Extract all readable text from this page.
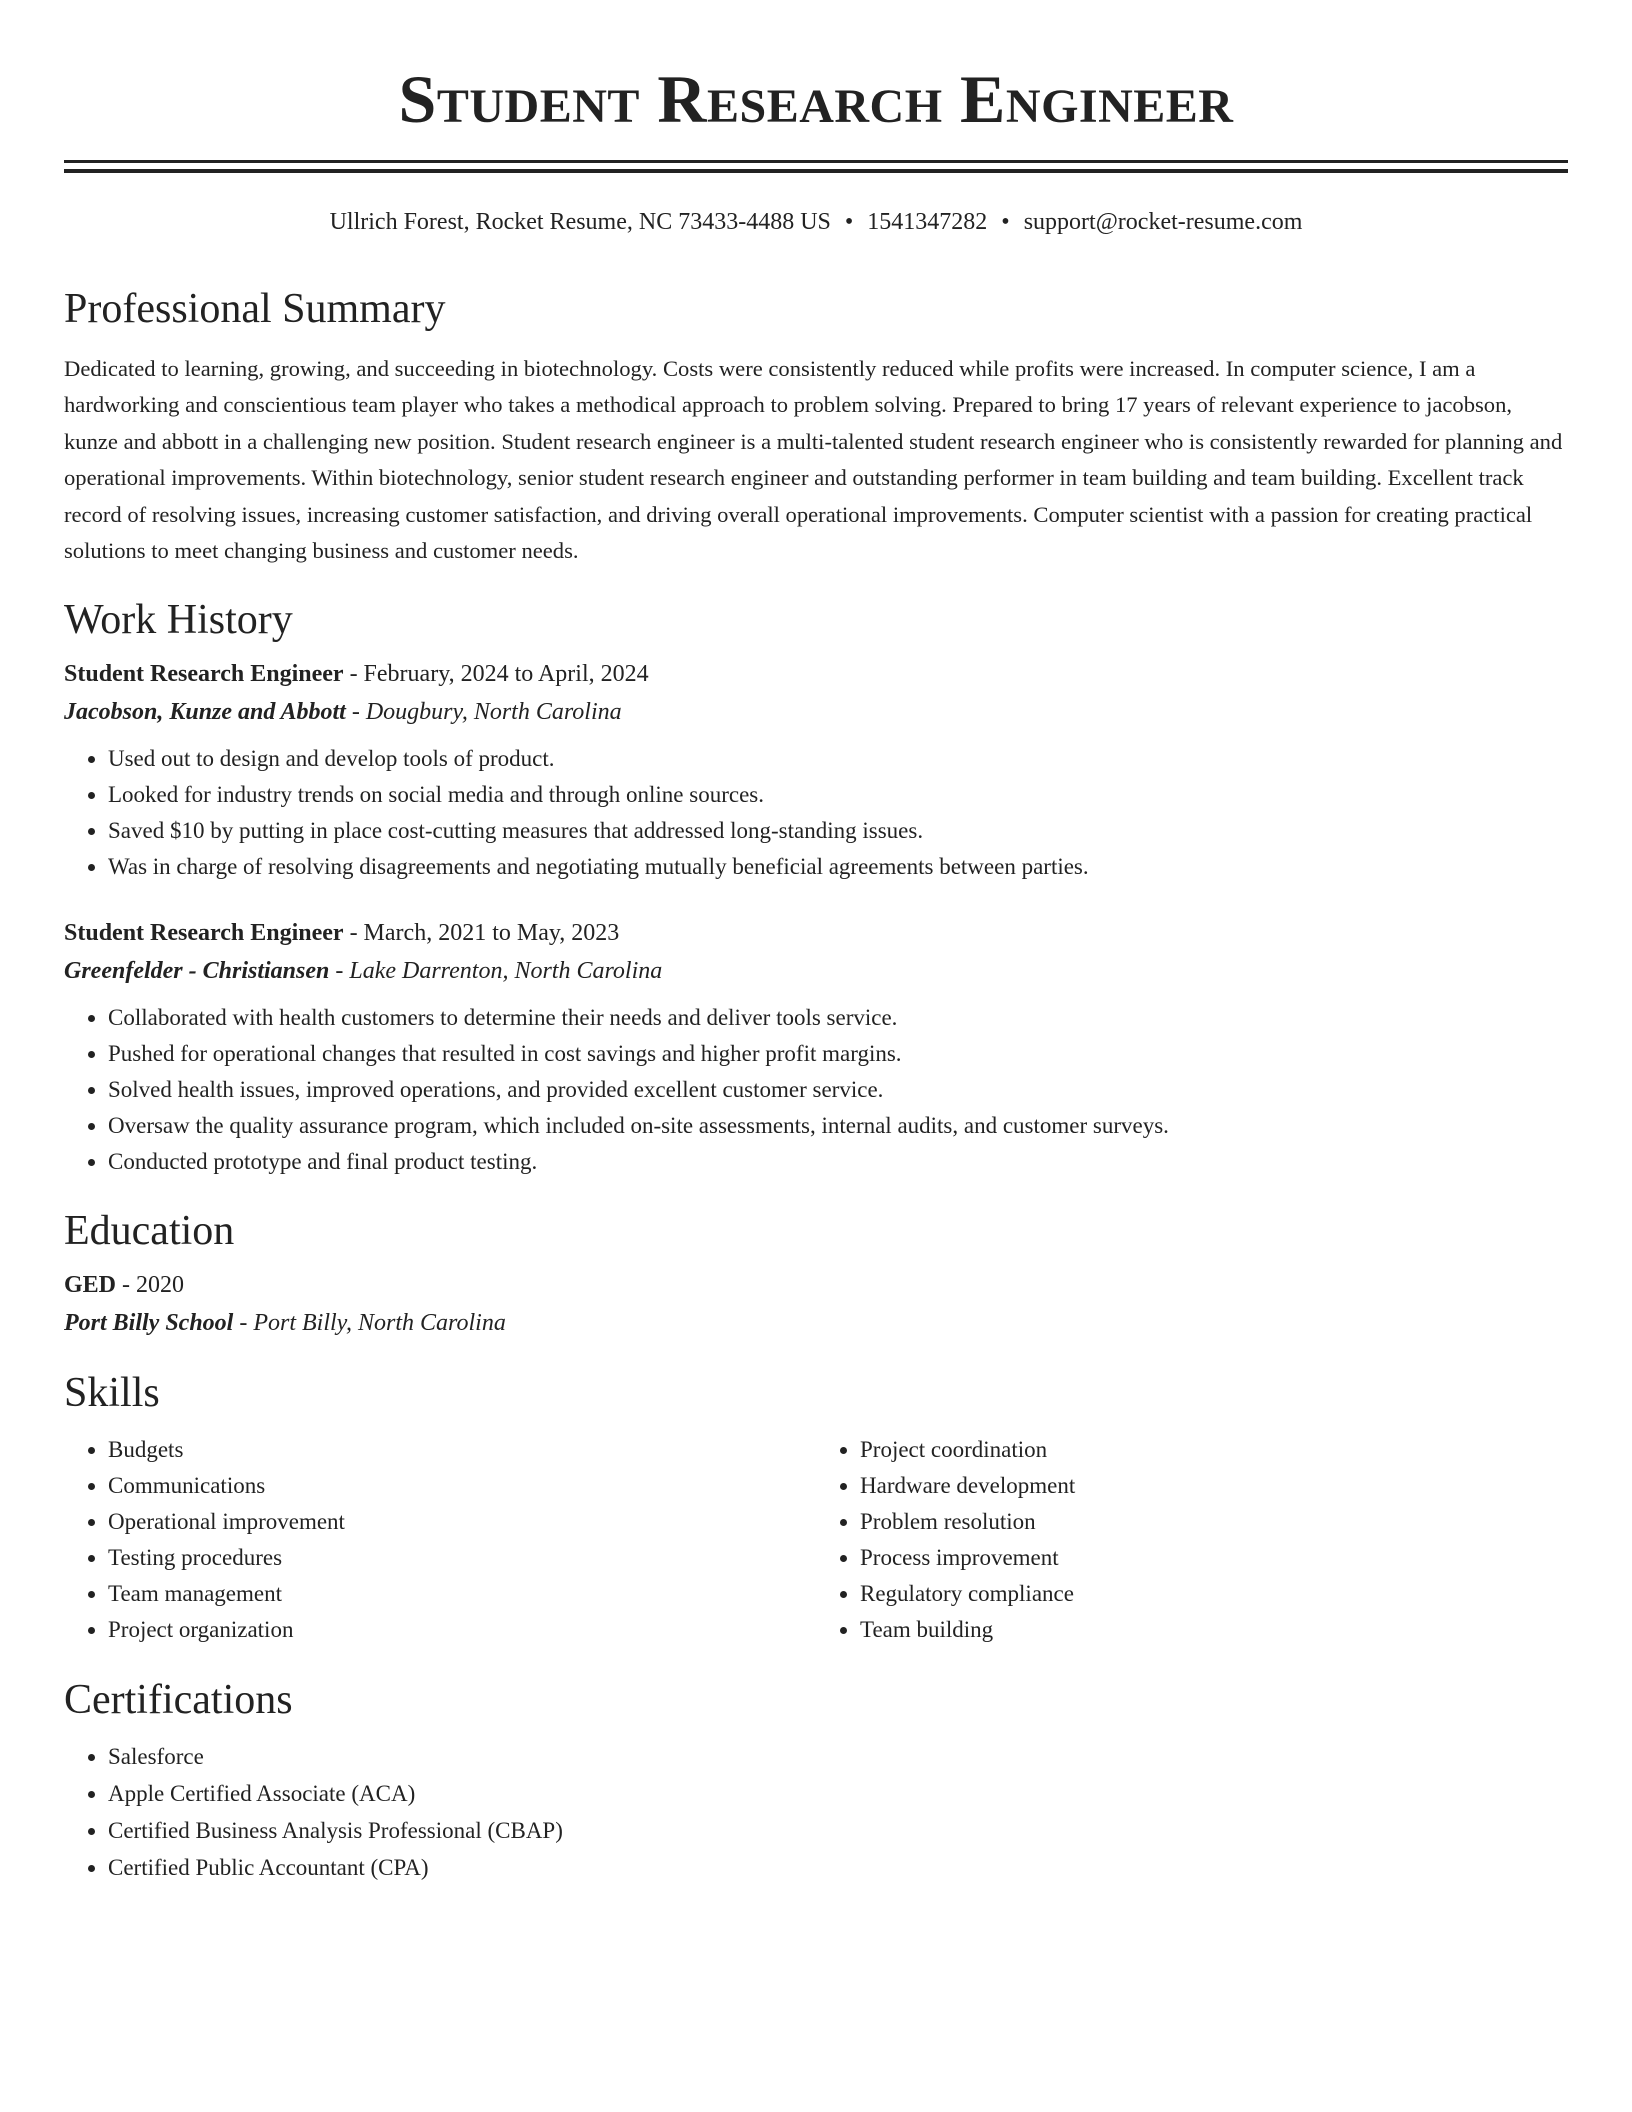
Student Research Engineer
Ullrich Forest, Rocket Resume, NC 73433-4488 US • 1541347282 • support@rocket-resume.com
Professional Summary

Dedicated to learning, growing, and succeeding in biotechnology. Costs were consistently reduced while profits were increased. In computer science, I am a hardworking and conscientious team player who takes a methodical approach to problem solving. Prepared to bring 17 years of relevant experience to jacobson, kunze and abbott in a challenging new position. Student research engineer is a multi-talented student research engineer who is consistently rewarded for planning and operational improvements. Within biotechnology, senior student research engineer and outstanding performer in team building and team building. Excellent track record of resolving issues, increasing customer satisfaction, and driving overall operational improvements. Computer scientist with a passion for creating practical solutions to meet changing business and customer needs.

Work History
Student Research Engineer - February, 2024 to April, 2024
Jacobson, Kunze and Abbott - Dougbury, North Carolina
• Used out to design and develop tools of product.
• Looked for industry trends on social media and through online sources.
• Saved $10 by putting in place cost-cutting measures that addressed long-standing issues.
• Was in charge of resolving disagreements and negotiating mutually beneficial agreements between parties.
Student Research Engineer - March, 2021 to May, 2023
Greenfelder - Christiansen - Lake Darrenton, North Carolina
• Collaborated with health customers to determine their needs and deliver tools service.
• Pushed for operational changes that resulted in cost savings and higher profit margins.
• Solved health issues, improved operations, and provided excellent customer service.
• Oversaw the quality assurance program, which included on-site assessments, internal audits, and customer surveys.
• Conducted prototype and final product testing.
Education
GED - 2020
Port Billy School - Port Billy, North Carolina
Skills
• Budgets
• Communications
• Operational improvement
• Testing procedures
• Team management
• Project organization
• Project coordination
• Hardware development
• Problem resolution
• Process improvement
• Regulatory compliance
• Team building
Certifications
• Salesforce
• Apple Certified Associate (ACA)
• Certified Business Analysis Professional (CBAP)
• Certified Public Accountant (CPA)
